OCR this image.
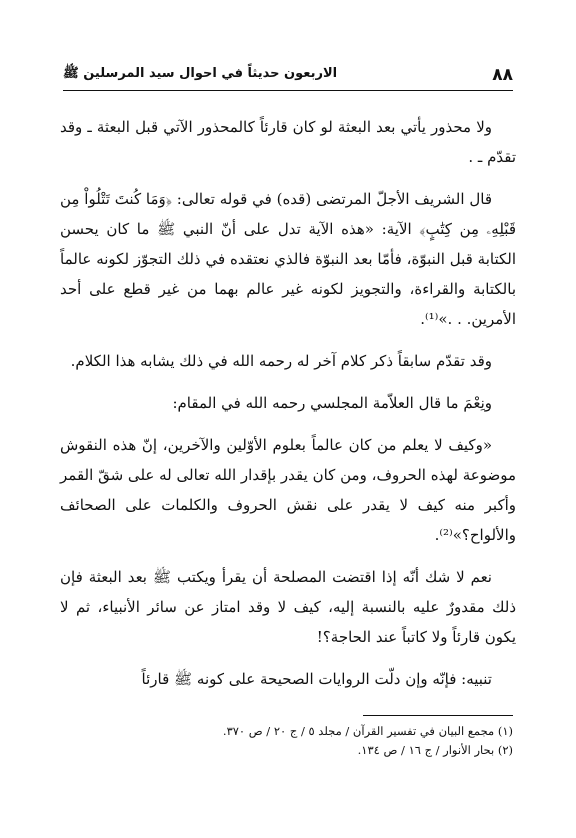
٨٨
الاربعون حديثاً في احوال سيد المرسلين ﷺ

ولا محذور يأتي بعد البعثة لو كان قارئاً كالمحذور الآتي قبل البعثة ـ وقد تقدّم ـ .

قال الشريف الأجلّ المرتضى (قده) في قوله تعالى: ﴿وَمَا كُنتَ تَتْلُواْ مِن قَبْلِهِۦ مِن كِتَٰبٍ﴾ الآية: «هذه الآية تدل على أنّ النبي ﷺ ما كان يحسن الكتابة قبل النبوّة، فأمّا بعد النبوّة فالذي نعتقده في ذلك التجوّز لكونه عالماً بالكتابة والقراءة، والتجويز لكونه غير عالم بهما من غير قطع على أحد الأمرين. . .»⁽¹⁾.

وقد تقدّم سابقاً ذكر كلام آخر له رحمه الله في ذلك يشابه هذا الكلام.

ونِعْمَ ما قال العلاّمة المجلسي رحمه الله في المقام:

«وكيف لا يعلم من كان عالماً بعلوم الأوّلين والآخرين، إنّ هذه النقوش موضوعة لهذه الحروف، ومن كان يقدر بإقدار الله تعالى له على شقّ القمر وأكبر منه كيف لا يقدر على نقش الحروف والكلمات على الصحائف والألواح؟»⁽²⁾.

نعم لا شك أنّه إذا اقتضت المصلحة أن يقرأ ويكتب ﷺ بعد البعثة فإن ذلك مقدورٌ عليه بالنسبة إليه، كيف لا وقد امتاز عن سائر الأنبياء، ثم لا يكون قارئاً ولا كاتباً عند الحاجة؟!

تنبيه: فإنّه وإن دلّت الروايات الصحيحة على كونه ﷺ قارئاً

(١) مجمع البيان في تفسير القرآن / مجلد ٥ / ج ٢٠ / ص ٣٧٠.

(٢) بحار الأنوار / ج ١٦ / ص ١٣٤.
